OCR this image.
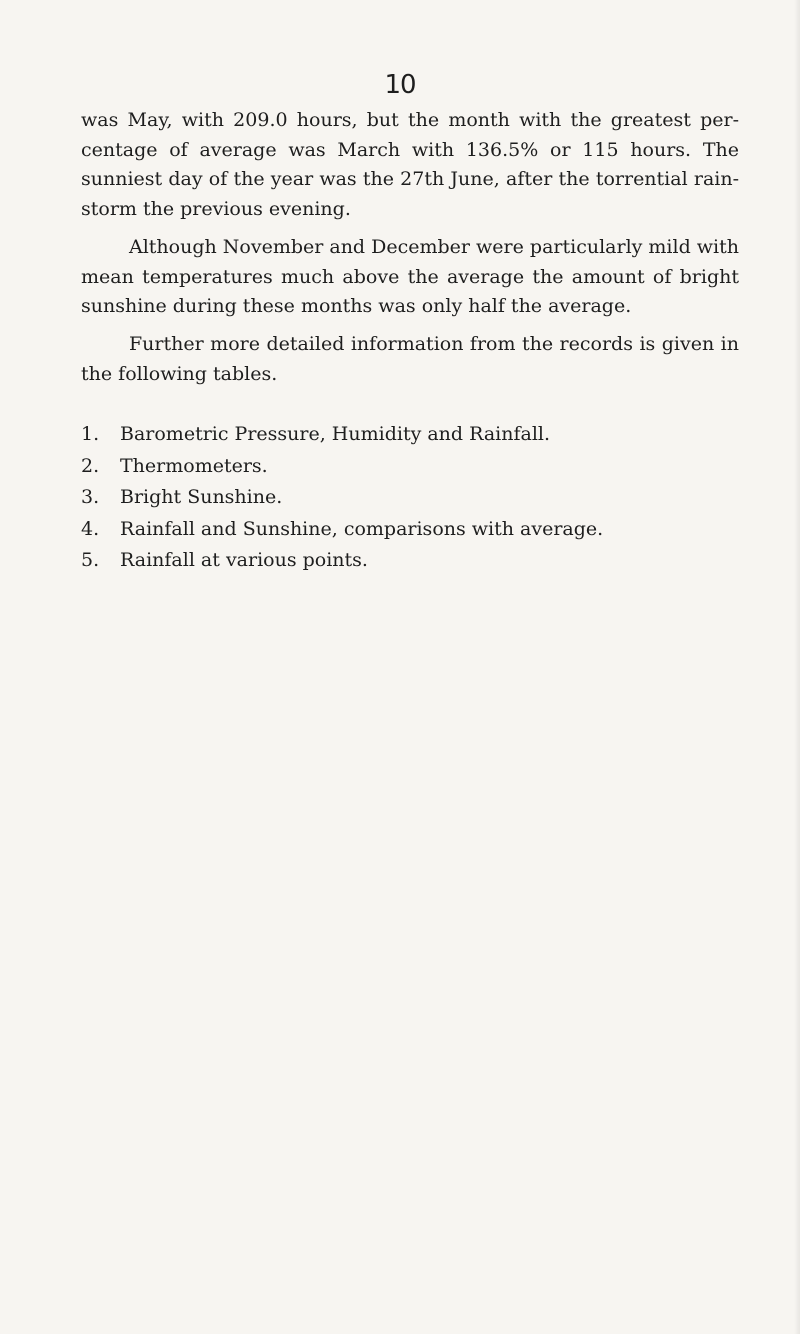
10

was May, with 209.0 hours, but the month with the greatest per- centage of average was March with 136.5% or 115 hours. The sunniest day of the year was the 27th June, after the torrential rain- storm the previous evening.

Although November and December were particularly mild with mean temperatures much above the average the amount of bright sunshine during these months was only half the average.

Further more detailed information from the records is given in the following tables.

1.	Barometric Pressure, Humidity and Rainfall.
2.	Thermometers.
3.	Bright Sunshine.
4.	Rainfall and Sunshine, comparisons with average.
5.	Rainfall at various points.
